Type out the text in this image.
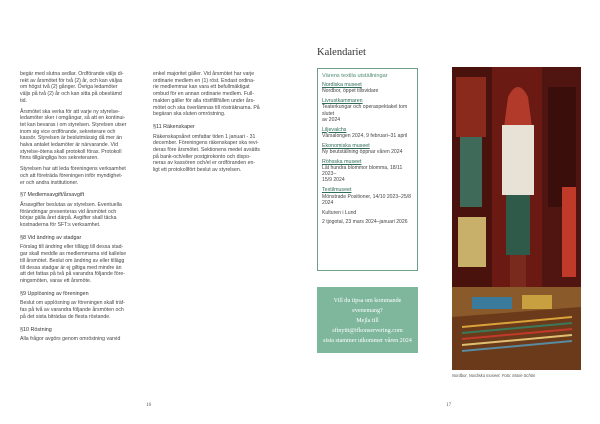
begär med slutna sedlar. Ordförande väljs di-
rekt av årsmötet för två (2) år, och kan väljas
om högst två (2) gånger. Övriga ledamöter
väljs på två (2) år och kan sitta på obestämd
tid.

Årsmötet ska verka för att varje ny styrelse-
ledamöter sker i omgångar, så att en kontinui-
tet kan bevaras i om styrelsen. Styrelsen utser
inom sig vice ordförande, sekreterare och
kassör. Styrelsen är beslutmässig då mer än
halva antalet ledamöter är närvarande. Vid
styrelse-ötena skall protokoll föras. Protokoll
finns tillgängliga hos sekreteraren.

Styrelsen har att leda föreningens verksamhet
och att företräda föreningen inför myndighet-
er och andra institutioner.

§7 Medlemsavgift/årsavgift

Årsavgifter beslutas av styrelsen. Eventuella
förändringar presenteras vid årsmötet och
börjar gälla året därpå. Avgifter skall täcka
kostnaderna för SFT:s verksamhet.

§8 Vid ändring av stadgar

Förslag till ändring eller tillägg till dessa stad-
gar skall meddle as medlemmarna vid kallelse
till årsmötet. Beslut om ändring av eller tillägg
till dessa stadgar är ej giltiga med mindre än
att det fattas på två på varandra följande före-
ningsmöten, varav ett årsmöte.

§9 Upplösning av föreningen

Beslut om upplösning av föreningen skall träf-
fas på två av varandra följande årsmöten och
på det sista biträdas de flesta röstande.

§10 Röstning

Alla frågor avgörs genom omröstning varvid

enkel majoritet gäller. Vid årsmötet har varje
ordinarie medlem en (1) röst. Endast ordina-
rie medlemmar kan vara ett befullmäktigat
ombud för en annan ordinarie medlem. Full-
makten gäller för alla röstfilllfällen under års-
mötet och ska överlämnas till rösträknarna. På
begäran ska sluten omröstning.

§11 Räkenskaper

Räkenskapsåret omfattar tiden 1 januari - 31
december. Föreningens räkenskaper ska revi-
deras före årsmötet. Sektionens medel avsätts
på bank-och/eller postgirokonto och dispo-
neras av kassören och/el er ordföranden en-
ligt ett protokollfört beslut av styrelsen.

16
Kalendariet
Värens textila utställningar
Nordiska museet
Nordbor, öppet tillsvidare
Livrustkammaren
Teaterkungar och operaspektakel tom slutet
av 2024
Liljevalchs
Vårsalongen 2024, 9 februari–31 april
Ekonomiska museet
Ny beutställning öppnar våren 2024
Röhsska museet
Lät hundra blommor blomma, 18/11 2023–
15/9 2024
Textilmuseet
Mönstrade Positioner, 14/10 2023–25/8
2024
Kulturen i Lund
2 tjogotal, 23 mars 2024–januari 2026
Vill du tipsa om kommande evenemang?
Mejla till sftnyttt@tfkonservering.com
sista stammer utkommer våren 2024
Nordbor, Nordiska museet. Foto: Marie Schön
17
